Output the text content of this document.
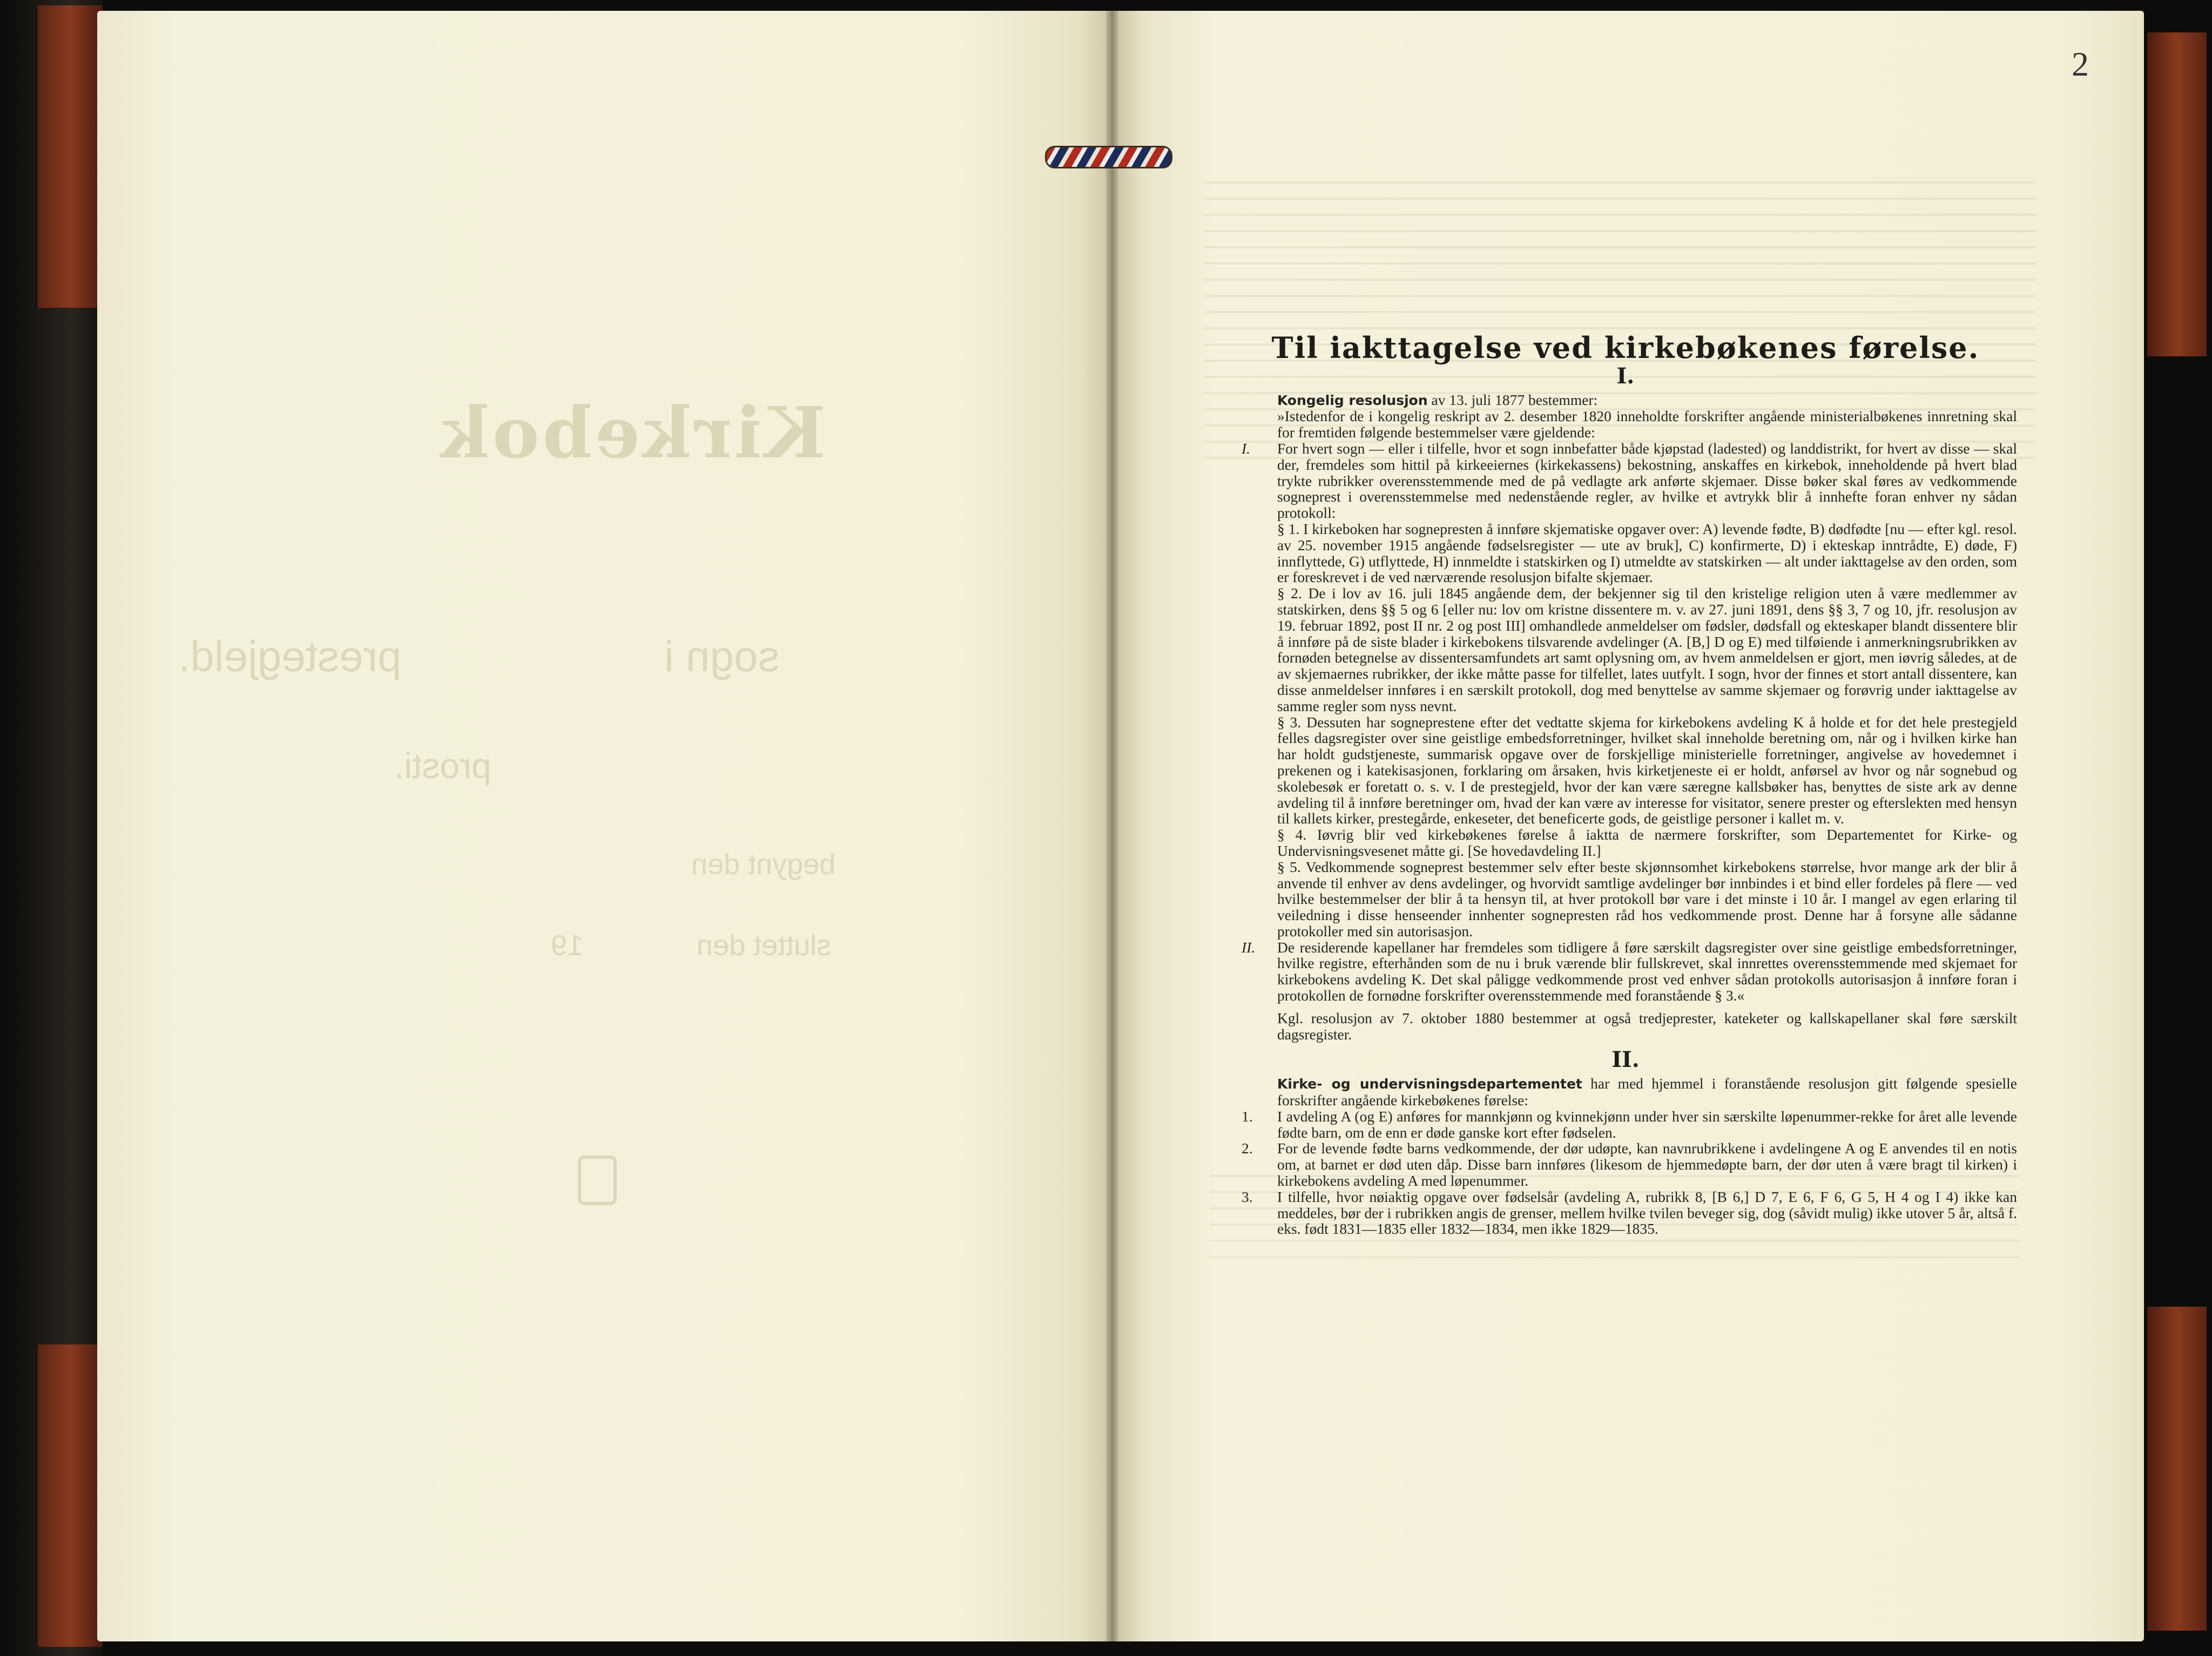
Kirkebok
prestegjeld.	sogn i
prosti.
begynt den
sluttet den
19
2
Til iakttagelse ved kirkebøkenes førelse.
I.

Kongelig resolusjon av 13. juli 1877 bestemmer:

»Istedenfor de i kongelig reskript av 2. desember 1820 inneholdte forskrifter angående ministerialbøkenes innretning skal for fremtiden følgende bestemmelser være gjeldende:

I.	For hvert sogn — eller i tilfelle, hvor et sogn innbefatter både kjøpstad (ladested) og landdistrikt, for hvert av disse — skal der, fremdeles som hittil på kirkeeiernes (kirkekassens) bekostning, anskaffes en kirkebok, inneholdende på hvert blad trykte rubrikker overensstemmende med de på vedlagte ark anførte skjemaer. Disse bøker skal føres av vedkommende sogneprest i overensstemmelse med nedenstående regler, av hvilke et avtrykk blir å innhefte foran enhver ny sådan protokoll:

§ 1. I kirkeboken har sognepresten å innføre skjematiske opgaver over: A) levende fødte, B) dødfødte [nu — efter kgl. resol. av 25. november 1915 angående fødselsregister — ute av bruk], C) konfirmerte, D) i ekteskap inntrådte, E) døde, F) innflyttede, G) utflyttede, H) innmeldte i statskirken og I) utmeldte av statskirken — alt under iakttagelse av den orden, som er foreskrevet i de ved nærværende resolusjon bifalte skjemaer.

§ 2. De i lov av 16. juli 1845 angående dem, der bekjenner sig til den kristelige religion uten å være medlemmer av statskirken, dens §§ 5 og 6 [eller nu: lov om kristne dissentere m. v. av 27. juni 1891, dens §§ 3, 7 og 10, jfr. resolusjon av 19. februar 1892, post II nr. 2 og post III] omhandlede anmeldelser om fødsler, dødsfall og ekteskaper blandt dissentere blir å innføre på de siste blader i kirkebokens tilsvarende avdelinger (A. [B,] D og E) med tilføiende i anmerkningsrubrikken av fornøden betegnelse av dissentersamfundets art samt oplysning om, av hvem anmeldelsen er gjort, men iøvrig således, at de av skjemaernes rubrikker, der ikke måtte passe for tilfellet, lates uutfylt. I sogn, hvor der finnes et stort antall dissentere, kan disse anmeldelser innføres i en særskilt protokoll, dog med benyttelse av samme skjemaer og forøvrig under iakttagelse av samme regler som nyss nevnt.

§ 3. Dessuten har sogneprestene efter det vedtatte skjema for kirkebokens avdeling K å holde et for det hele prestegjeld felles dagsregister over sine geistlige embedsforretninger, hvilket skal inneholde beretning om, når og i hvilken kirke han har holdt gudstjeneste, summarisk opgave over de forskjellige ministerielle forretninger, angivelse av hovedemnet i prekenen og i katekisasjonen, forklaring om årsaken, hvis kirketjeneste ei er holdt, anførsel av hvor og når sognebud og skolebesøk er foretatt o. s. v. I de prestegjeld, hvor der kan være særegne kallsbøker has, benyttes de siste ark av denne avdeling til å innføre beretninger om, hvad der kan være av interesse for visitator, senere prester og efterslekten med hensyn til kallets kirker, prestegårde, enkeseter, det beneficerte gods, de geistlige personer i kallet m. v.

§ 4. Iøvrig blir ved kirkebøkenes førelse å iaktta de nærmere forskrifter, som Departementet for Kirke- og Undervisningsvesenet måtte gi. [Se hovedavdeling II.]

§ 5. Vedkommende sogneprest bestemmer selv efter beste skjønnsomhet kirkebokens størrelse, hvor mange ark der blir å anvende til enhver av dens avdelinger, og hvorvidt samtlige avdelinger bør innbindes i et bind eller fordeles på flere — ved hvilke bestemmelser der blir å ta hensyn til, at hver protokoll bør vare i det minste i 10 år. I mangel av egen erlaring til veiledning i disse henseender innhenter sognepresten råd hos vedkommende prost. Denne har å forsyne alle sådanne protokoller med sin autorisasjon.

II.	De residerende kapellaner har fremdeles som tidligere å føre særskilt dagsregister over sine geistlige embedsforretninger, hvilke registre, efterhånden som de nu i bruk værende blir fullskrevet, skal innrettes overensstemmende med skjemaet for kirkebokens avdeling K. Det skal påligge vedkommende prost ved enhver sådan protokolls autorisasjon å innføre foran i protokollen de fornødne forskrifter overensstemmende med foranstående § 3.«

Kgl. resolusjon av 7. oktober 1880 bestemmer at også tredjeprester, kateketer og kallskapellaner skal føre særskilt dagsregister.

II.

Kirke- og undervisningsdepartementet har med hjemmel i foranstående resolusjon gitt følgende spesielle forskrifter angående kirkebøkenes førelse:

1.	I avdeling A (og E) anføres for mannkjønn og kvinnekjønn under hver sin særskilte løpenummer-rekke for året alle levende fødte barn, om de enn er døde ganske kort efter fødselen.
2.	For de levende fødte barns vedkommende, der dør udøpte, kan navnrubrikkene i avdelingene A og E anvendes til en notis om, at barnet er død uten dåp. Disse barn innføres (likesom de hjemmedøpte barn, der dør uten å være bragt til kirken) i kirkebokens avdeling A med løpenummer.
3.	I tilfelle, hvor nøiaktig opgave over fødselsår (avdeling A, rubrikk 8, [B 6,] D 7, E 6, F 6, G 5, H 4 og I 4) ikke kan meddeles, bør der i rubrikken angis de grenser, mellem hvilke tvilen beveger sig, dog (såvidt mulig) ikke utover 5 år, altså f. eks. født 1831—1835 eller 1832—1834, men ikke 1829—1835.
